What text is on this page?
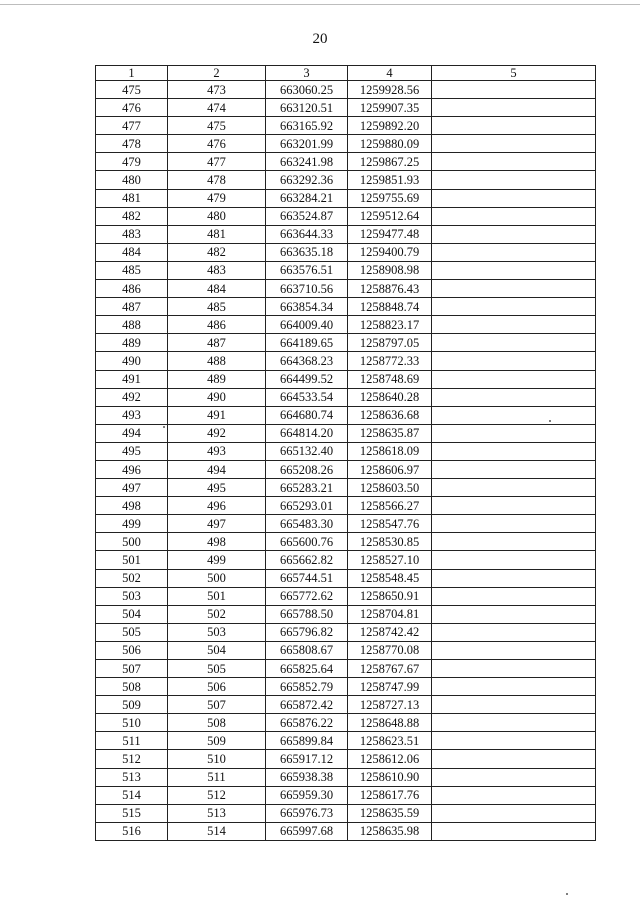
20
1	2	3	4	5
475	473	663060.25	1259928.56	
476	474	663120.51	1259907.35	
477	475	663165.92	1259892.20	
478	476	663201.99	1259880.09	
479	477	663241.98	1259867.25	
480	478	663292.36	1259851.93	
481	479	663284.21	1259755.69	
482	480	663524.87	1259512.64	
483	481	663644.33	1259477.48	
484	482	663635.18	1259400.79	
485	483	663576.51	1258908.98	
486	484	663710.56	1258876.43	
487	485	663854.34	1258848.74	
488	486	664009.40	1258823.17	
489	487	664189.65	1258797.05	
490	488	664368.23	1258772.33	
491	489	664499.52	1258748.69	
492	490	664533.54	1258640.28	
493	491	664680.74	1258636.68	
494	492	664814.20	1258635.87	
495	493	665132.40	1258618.09	
496	494	665208.26	1258606.97	
497	495	665283.21	1258603.50	
498	496	665293.01	1258566.27	
499	497	665483.30	1258547.76	
500	498	665600.76	1258530.85	
501	499	665662.82	1258527.10	
502	500	665744.51	1258548.45	
503	501	665772.62	1258650.91	
504	502	665788.50	1258704.81	
505	503	665796.82	1258742.42	
506	504	665808.67	1258770.08	
507	505	665825.64	1258767.67	
508	506	665852.79	1258747.99	
509	507	665872.42	1258727.13	
510	508	665876.22	1258648.88	
511	509	665899.84	1258623.51	
512	510	665917.12	1258612.06	
513	511	665938.38	1258610.90	
514	512	665959.30	1258617.76	
515	513	665976.73	1258635.59	
516	514	665997.68	1258635.98	
